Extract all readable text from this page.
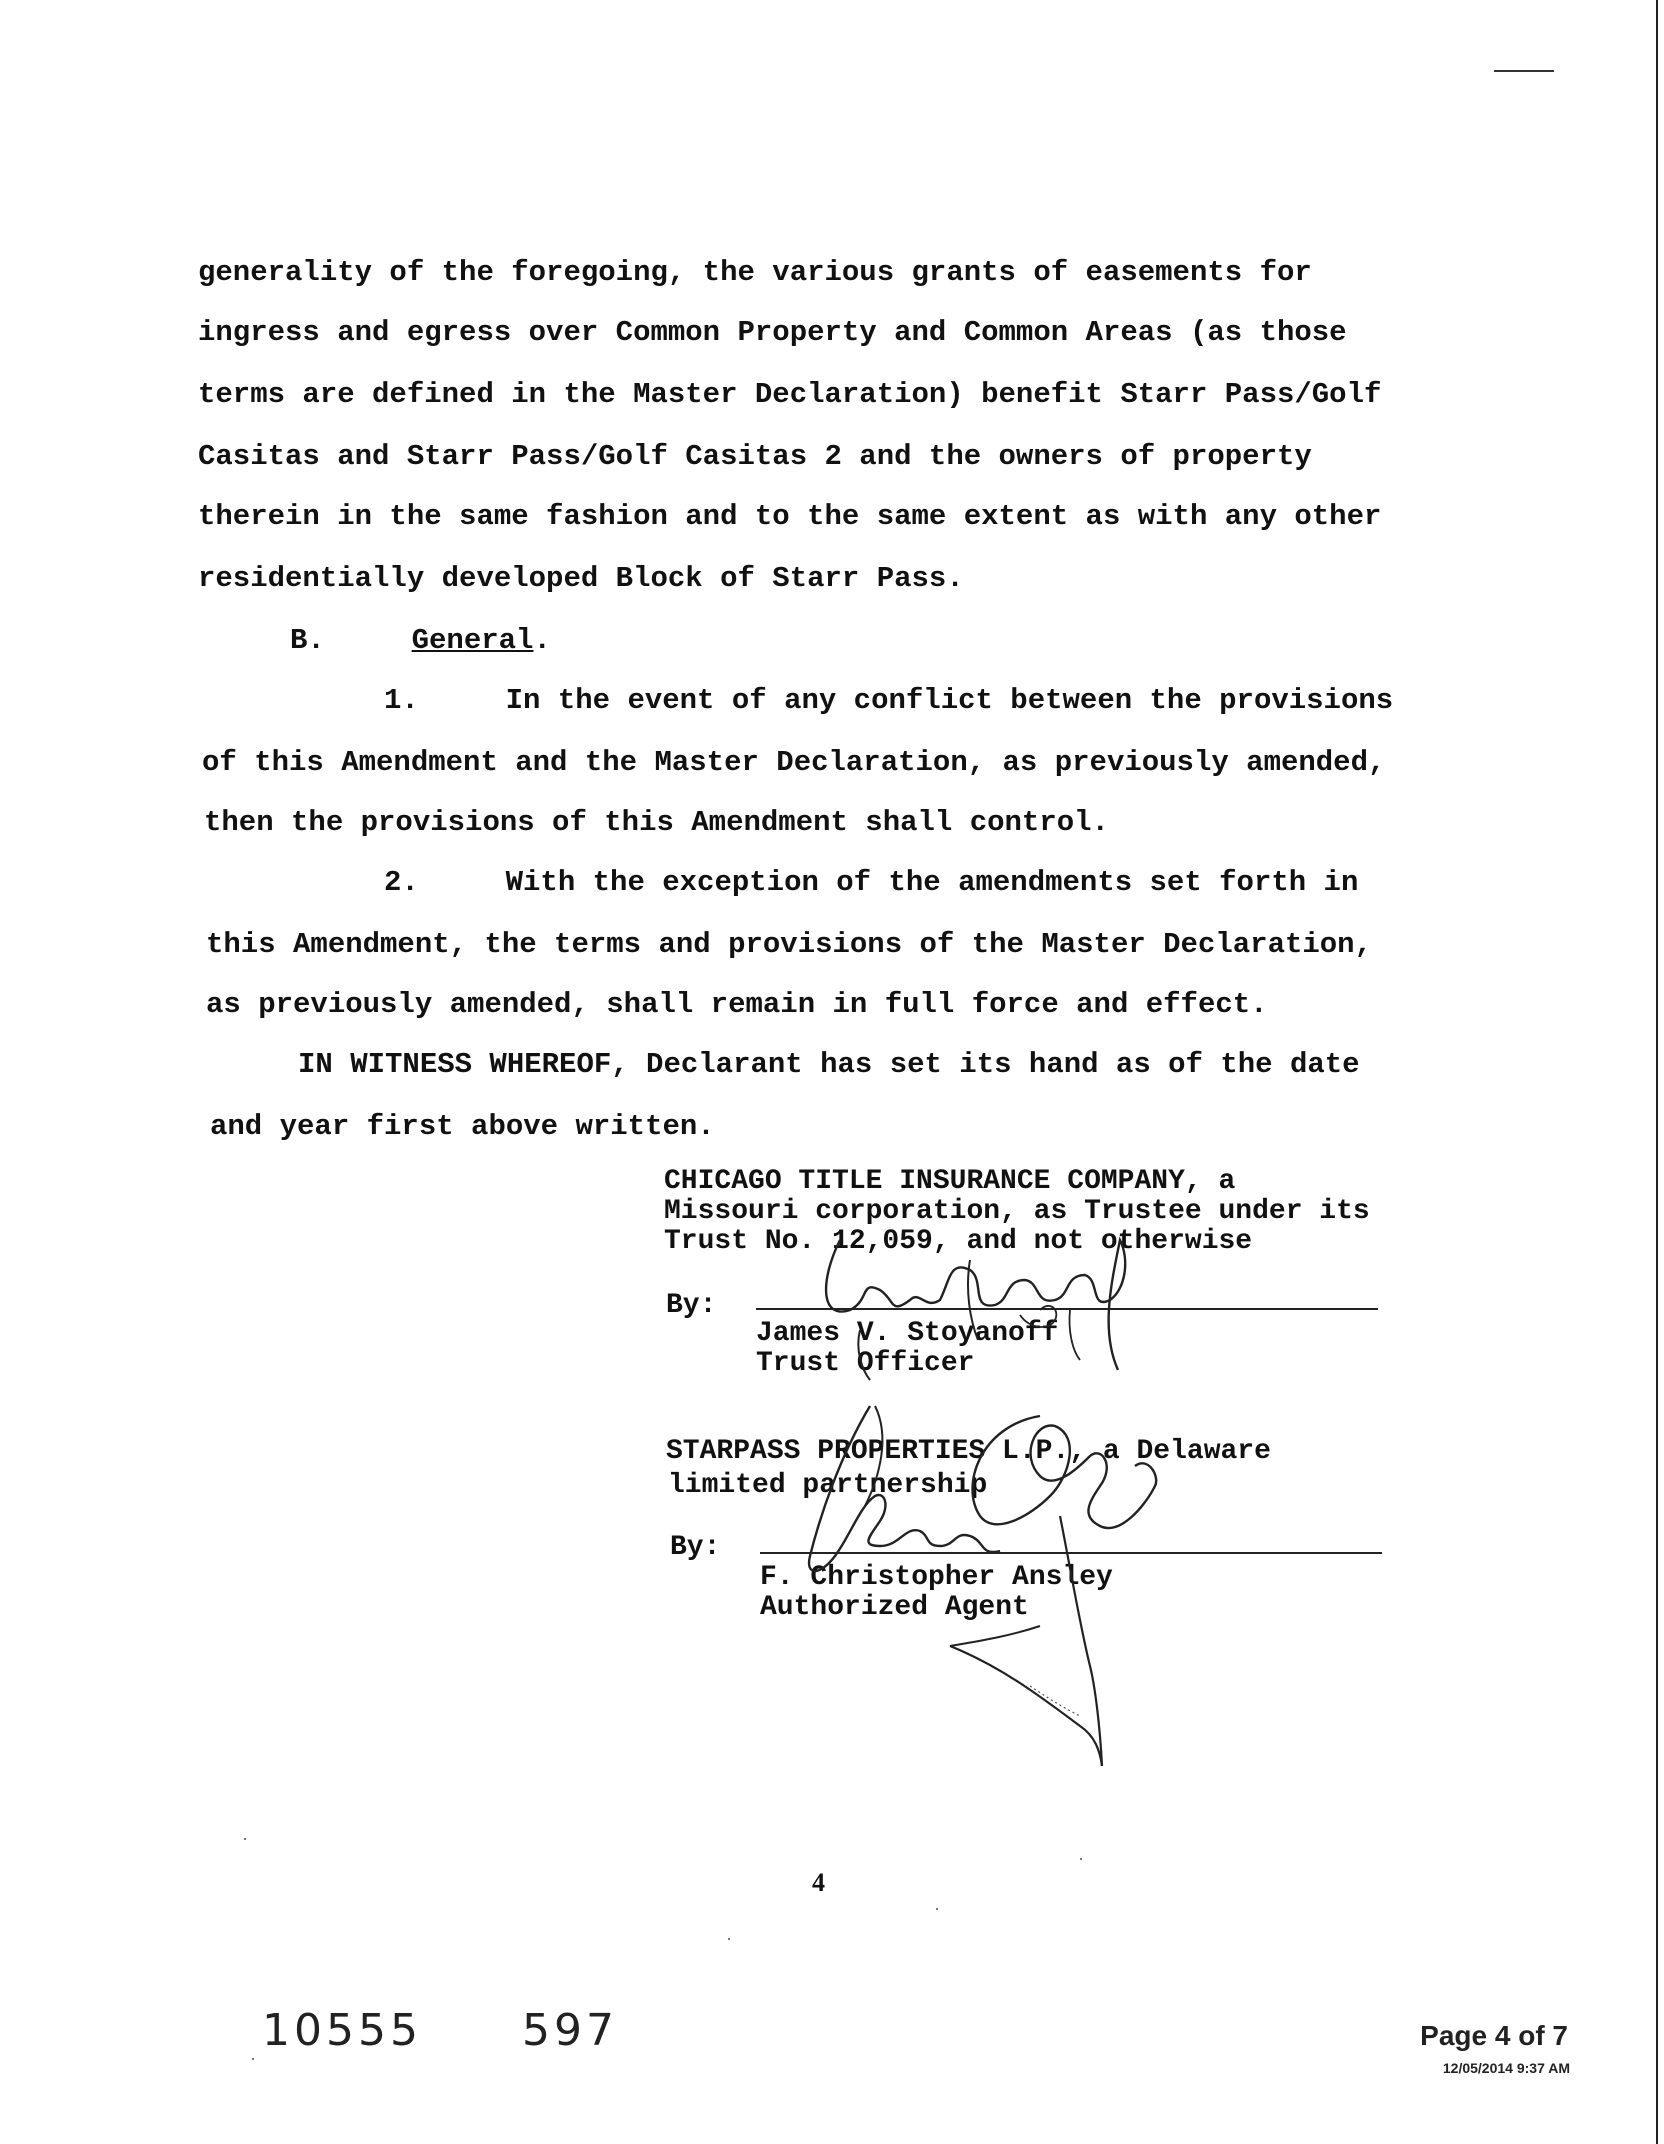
generality of the foregoing, the various grants of easements for
ingress and egress over Common Property and Common Areas (as those
terms are defined in the Master Declaration) benefit Starr Pass/Golf
Casitas and Starr Pass/Golf Casitas 2 and the owners of property
therein in the same fashion and to the same extent as with any other
residentially developed Block of Starr Pass.
B.	General.
1.	In the event of any conflict between the provisions
of this Amendment and the Master Declaration, as previously amended,
then the provisions of this Amendment shall control.
2.	With the exception of the amendments set forth in
this Amendment, the terms and provisions of the Master Declaration,
as previously amended, shall remain in full force and effect.
IN WITNESS WHEREOF, Declarant has set its hand as of the date
and year first above written.
CHICAGO TITLE INSURANCE COMPANY, a
Missouri corporation, as Trustee under its
Trust No. 12,059, and not otherwise
By:
James V. Stoyanoff
Trust Officer
STARPASS PROPERTIES L.P., a Delaware
limited partnership
By:
F. Christopher Ansley
Authorized Agent
4
10555 597	Page 4 of 7
12/05/2014 9:37 AM
